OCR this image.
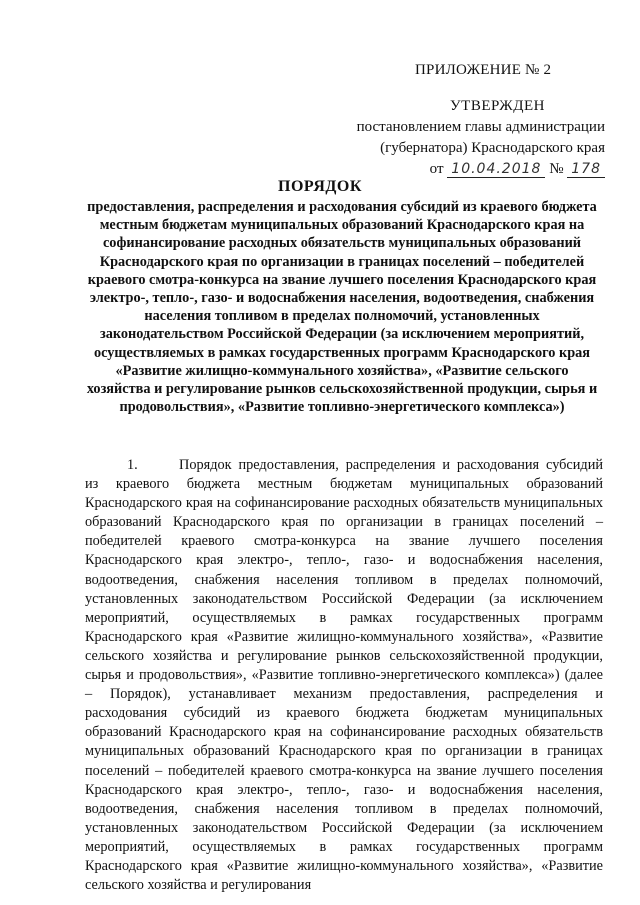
ПРИЛОЖЕНИЕ № 2
УТВЕРЖДЕН
постановлением главы администрации
(губернатора) Краснодарского края
от 10.04.2018 № 178
ПОРЯДОК
предоставления, распределения и расходования субсидий из краевого бюджета местным бюджетам муниципальных образований Краснодарского края на софинансирование расходных обязательств муниципальных образований Краснодарского края по организации в границах поселений – победителей краевого смотра-конкурса на звание лучшего поселения Краснодарского края электро-, тепло-, газо- и водоснабжения населения, водоотведения, снабжения населения топливом в пределах полномочий, установленных законодательством Российской Федерации (за исключением мероприятий, осуществляемых в рамках государственных программ Краснодарского края «Развитие жилищно-коммунального хозяйства», «Развитие сельского хозяйства и регулирование рынков сельскохозяйственной продукции, сырья и продовольствия», «Развитие топливно-энергетического комплекса»)

1.	Порядок предоставления, распределения и расходования субсидий из краевого бюджета местным бюджетам муниципальных образований Краснодарского края на софинансирование расходных обязательств муниципальных образований Краснодарского края по организации в границах поселений – победителей краевого смотра-конкурса на звание лучшего поселения Краснодарского края электро-, тепло-, газо- и водоснабжения населения, водоотведения, снабжения населения топливом в пределах полномочий, установленных законодательством Российской Федерации (за исключением мероприятий, осуществляемых в рамках государственных программ Краснодарского края «Развитие жилищно-коммунального хозяйства», «Развитие сельского хозяйства и регулирование рынков сельскохозяйственной продукции, сырья и продовольствия», «Развитие топливно-энергетического комплекса») (далее – Порядок), устанавливает механизм предоставления, распределения и расходования субсидий из краевого бюджета бюджетам муниципальных образований Краснодарского края на софинансирование расходных обязательств муниципальных образований Краснодарского края по организации в границах поселений – победителей краевого смотра-конкурса на звание лучшего поселения Краснодарского края электро-, тепло-, газо- и водоснабжения населения, водоотведения, снабжения населения топливом в пределах полномочий, установленных законодательством Российской Федерации (за исключением мероприятий, осуществляемых в рамках государственных программ Краснодарского края «Развитие жилищно-коммунального хозяйства», «Развитие сельского хозяйства и регулирования
